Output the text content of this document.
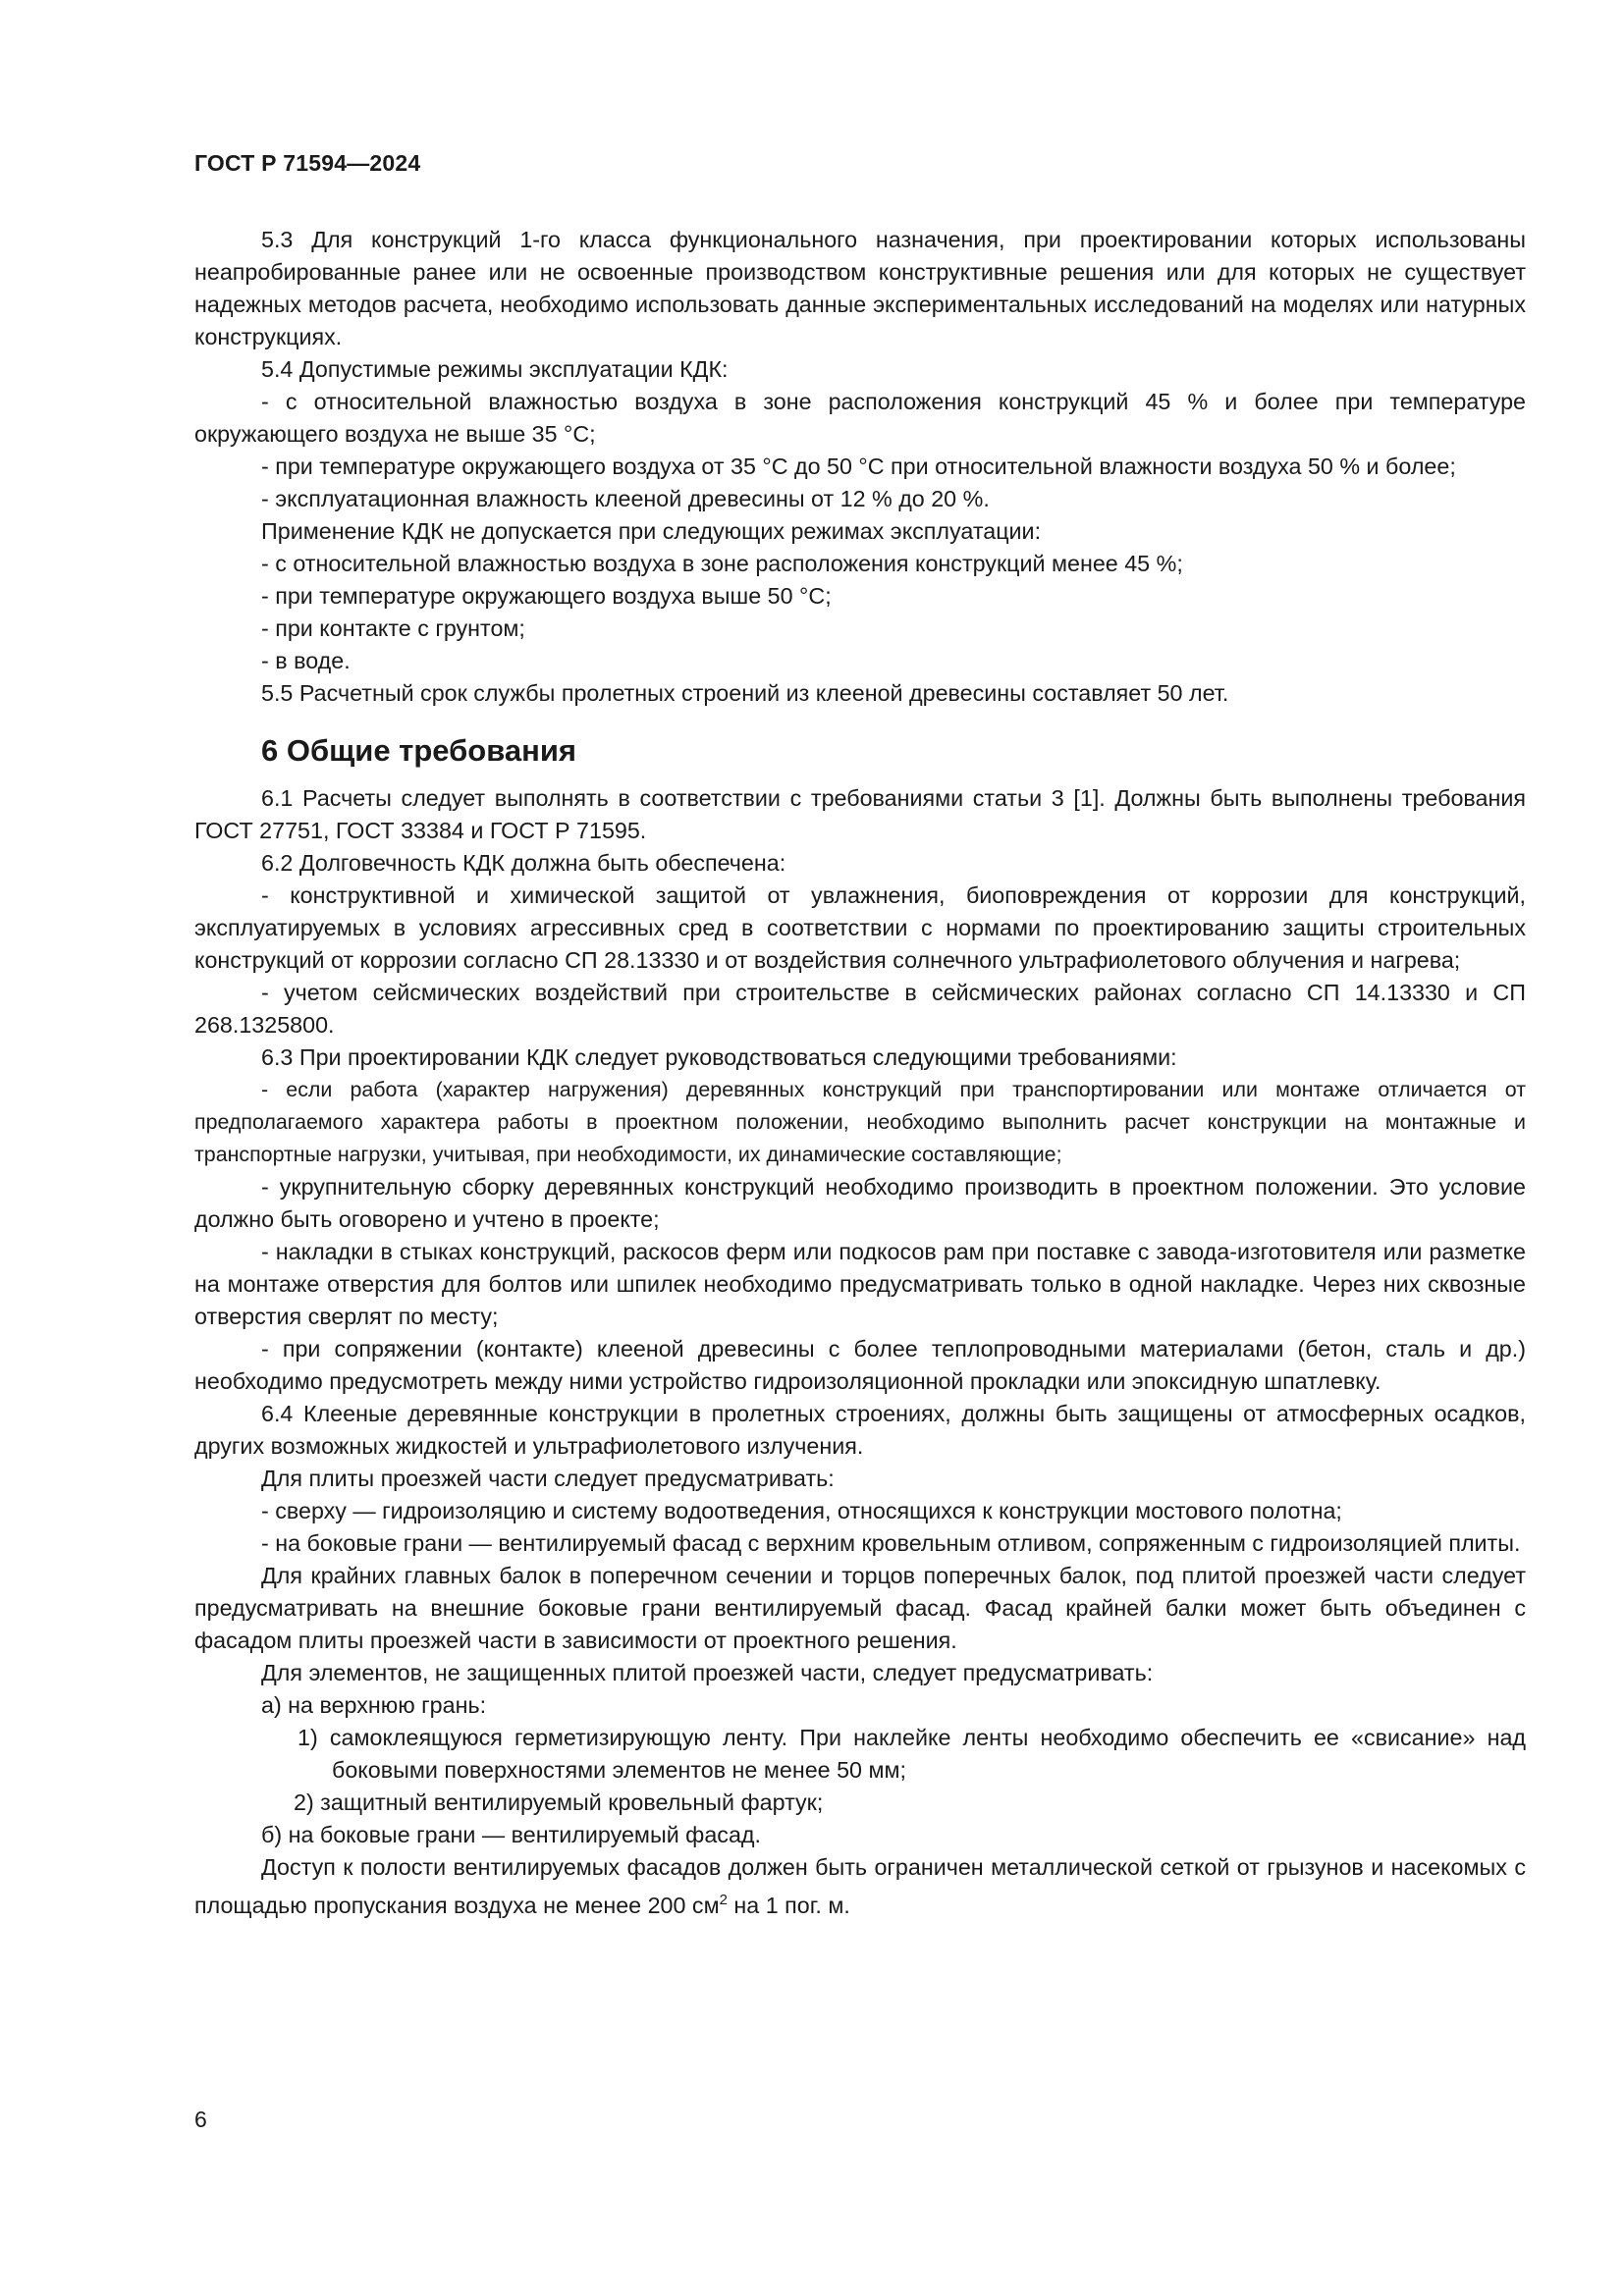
ГОСТ Р 71594—2024

5.3 Для конструкций 1-го класса функционального назначения, при проектировании которых использованы неапробированные ранее или не освоенные производством конструктивные решения или для которых не существует надежных методов расчета, необходимо использовать данные экспериментальных исследований на моделях или натурных конструкциях.

5.4 Допустимые режимы эксплуатации КДК:

- с относительной влажностью воздуха в зоне расположения конструкций 45 % и более при температуре окружающего воздуха не выше 35 °С;

- при температуре окружающего воздуха от 35 °С до 50 °С при относительной влажности воздуха 50 % и более;

- эксплуатационная влажность клееной древесины от 12 % до 20 %.

Применение КДК не допускается при следующих режимах эксплуатации:

- с относительной влажностью воздуха в зоне расположения конструкций менее 45 %;

- при температуре окружающего воздуха выше 50 °С;

- при контакте с грунтом;

- в воде.

5.5 Расчетный срок службы пролетных строений из клееной древесины составляет 50 лет.

6 Общие требования

6.1 Расчеты следует выполнять в соответствии с требованиями статьи 3 [1]. Должны быть выполнены требования ГОСТ 27751, ГОСТ 33384 и ГОСТ Р 71595.

6.2 Долговечность КДК должна быть обеспечена:

- конструктивной и химической защитой от увлажнения, биоповреждения от коррозии для конструкций, эксплуатируемых в условиях агрессивных сред в соответствии с нормами по проектированию защиты строительных конструкций от коррозии согласно СП 28.13330 и от воздействия солнечного ультрафиолетового облучения и нагрева;

- учетом сейсмических воздействий при строительстве в сейсмических районах согласно СП 14.13330 и СП 268.1325800.

6.3 При проектировании КДК следует руководствоваться следующими требованиями:

- если работа (характер нагружения) деревянных конструкций при транспортировании или монтаже отличается от предполагаемого характера работы в проектном положении, необходимо выполнить расчет конструкции на монтажные и транспортные нагрузки, учитывая, при необходимости, их динамические составляющие;

- укрупнительную сборку деревянных конструкций необходимо производить в проектном положении. Это условие должно быть оговорено и учтено в проекте;

- накладки в стыках конструкций, раскосов ферм или подкосов рам при поставке с завода-изготовителя или разметке на монтаже отверстия для болтов или шпилек необходимо предусматривать только в одной накладке. Через них сквозные отверстия сверлят по месту;

- при сопряжении (контакте) клееной древесины с более теплопроводными материалами (бетон, сталь и др.) необходимо предусмотреть между ними устройство гидроизоляционной прокладки или эпоксидную шпатлевку.

6.4 Клееные деревянные конструкции в пролетных строениях, должны быть защищены от атмосферных осадков, других возможных жидкостей и ультрафиолетового излучения.

Для плиты проезжей части следует предусматривать:

- сверху — гидроизоляцию и систему водоотведения, относящихся к конструкции мостового полотна;

- на боковые грани — вентилируемый фасад с верхним кровельным отливом, сопряженным с гидроизоляцией плиты.

Для крайних главных балок в поперечном сечении и торцов поперечных балок, под плитой проезжей части следует предусматривать на внешние боковые грани вентилируемый фасад. Фасад крайней балки может быть объединен с фасадом плиты проезжей части в зависимости от проектного решения.

Для элементов, не защищенных плитой проезжей части, следует предусматривать:

а) на верхнюю грань:

1) самоклеящуюся герметизирующую ленту. При наклейке ленты необходимо обеспечить ее «свисание» над боковыми поверхностями элементов не менее 50 мм;

2) защитный вентилируемый кровельный фартук;

б) на боковые грани — вентилируемый фасад.

Доступ к полости вентилируемых фасадов должен быть ограничен металлической сеткой от грызунов и насекомых с площадью пропускания воздуха не менее 200 $см^2$ на 1 пог. м.

6
